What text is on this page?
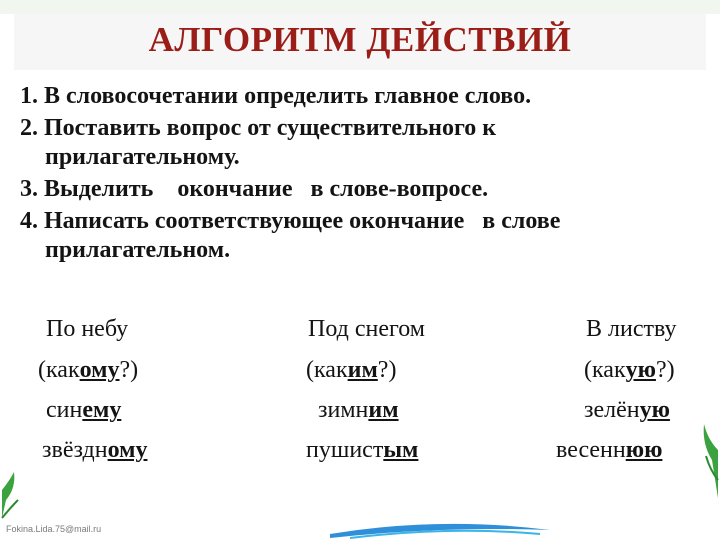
АЛГОРИТМ ДЕЙСТВИЙ
1. В словосочетании определить главное слово.
2. Поставить вопрос от существительного к
прилагательному.
3. Выделить    окончание   в слове-вопросе.
4. Написать соответствующее окончание   в слове
прилагательном.
По небу
(какому?)
синему
звёздному
Под снегом
(каким?)
зимним
пушистым
В листву
(какую?)
зелёную
весеннюю
Fokina.Lida.75@mail.ru
